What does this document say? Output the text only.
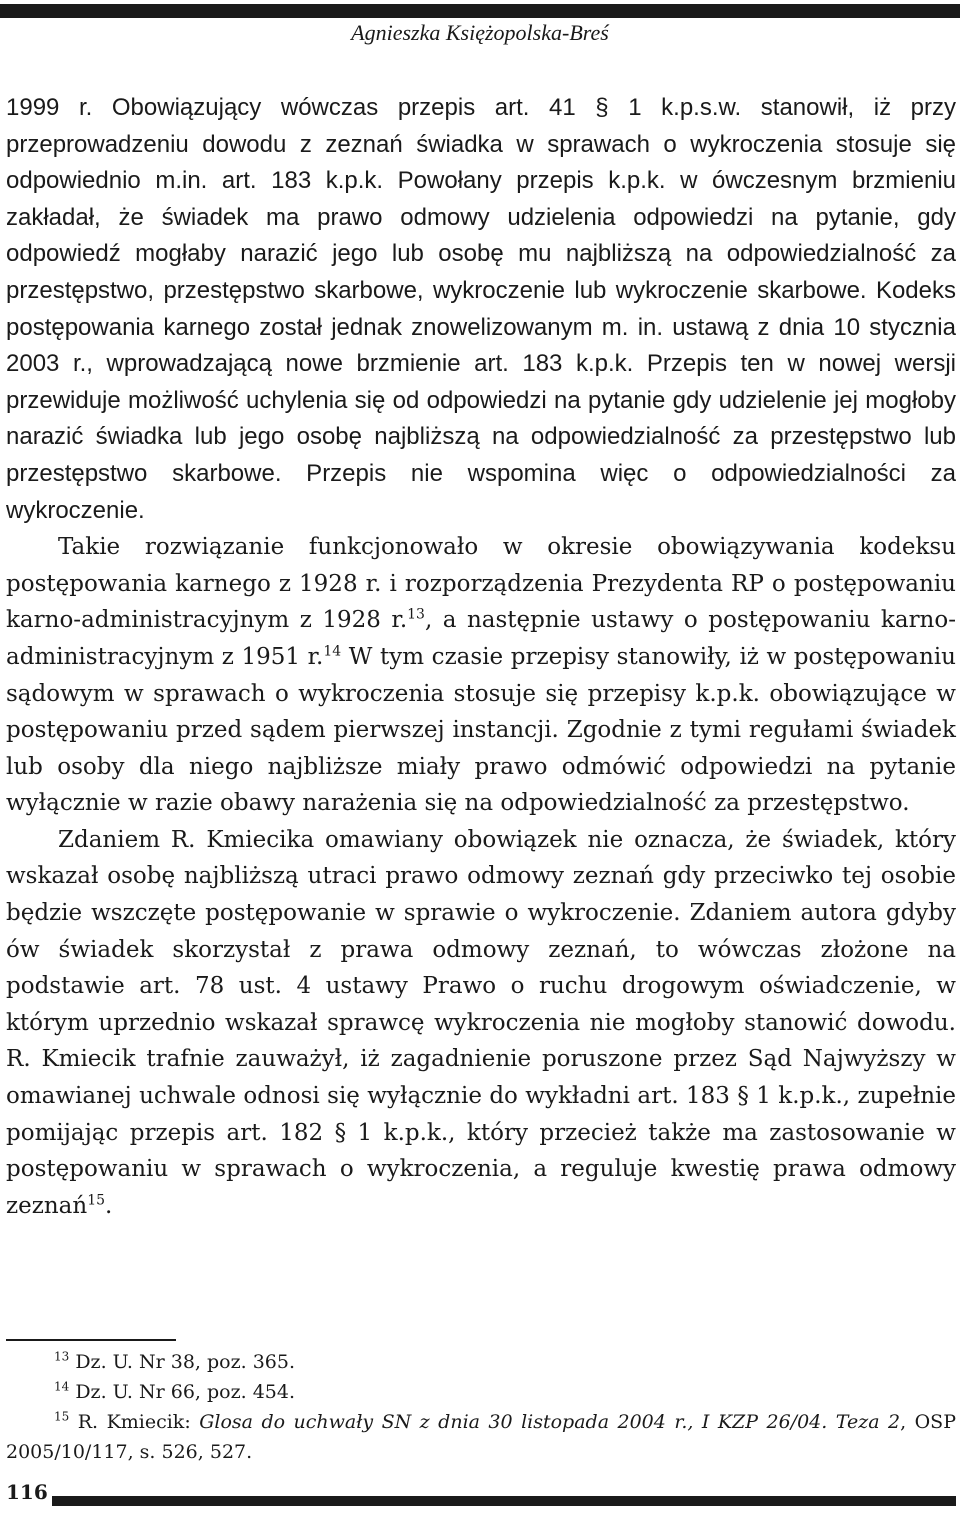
Agnieszka Księżopolska-Breś

1999 r. Obowiązujący wówczas przepis art. 41 § 1 k.p.s.w. stanowił, iż przy przeprowadzeniu dowodu z zeznań świadka w sprawach o wykroczenia stosuje się odpowiednio m.in. art. 183 k.p.k. Powołany przepis k.p.k. w ówczesnym brzmieniu zakładał, że świadek ma prawo odmowy udzielenia odpowiedzi na pytanie, gdy odpowiedź mogłaby narazić jego lub osobę mu najbliższą na odpowiedzialność za przestępstwo, przestępstwo skarbowe, wykroczenie lub wykroczenie skarbowe. Kodeks postępowania karnego został jednak znowelizowanym m. in. ustawą z dnia 10 stycznia 2003 r., wprowadzającą nowe brzmienie art. 183 k.p.k. Przepis ten w nowej wersji przewiduje możliwość uchylenia się od odpowiedzi na pytanie gdy udzielenie jej mogłoby narazić świadka lub jego osobę najbliższą na odpowiedzialność za przestępstwo lub przestępstwo skarbowe. Przepis nie wspomina więc o odpowiedzialności za wykroczenie.

Takie rozwiązanie funkcjonowało w okresie obowiązywania kodeksu postępowania karnego z 1928 r. i rozporządzenia Prezydenta RP o postępowaniu karno-administracyjnym z 1928 r.$^{13}$, a następnie ustawy o postępowaniu karno-administracyjnym z 1951 r.$^{14}$ W tym czasie przepisy stanowiły, iż w postępowaniu sądowym w sprawach o wykroczenia stosuje się przepisy k.p.k. obowiązujące w postępowaniu przed sądem pierwszej instancji. Zgodnie z tymi regułami świadek lub osoby dla niego najbliższe miały prawo odmówić odpowiedzi na pytanie wyłącznie w razie obawy narażenia się na odpowiedzialność za przestępstwo.

Zdaniem R. Kmiecika omawiany obowiązek nie oznacza, że świadek, który wskazał osobę najbliższą utraci prawo odmowy zeznań gdy przeciwko tej osobie będzie wszczęte postępowanie w sprawie o wykroczenie. Zdaniem autora gdyby ów świadek skorzystał z prawa odmowy zeznań, to wówczas złożone na podstawie art. 78 ust. 4 ustawy Prawo o ruchu drogowym oświadczenie, w którym uprzednio wskazał sprawcę wykroczenia nie mogłoby stanowić dowodu. R. Kmiecik trafnie zauważył, iż zagadnienie poruszone przez Sąd Najwyższy w omawianej uchwale odnosi się wyłącznie do wykładni art. 183 § 1 k.p.k., zupełnie pomijając przepis art. 182 § 1 k.p.k., który przecież także ma zastosowanie w postępowaniu w sprawach o wykroczenia, a reguluje kwestię prawa odmowy zeznań$^{15}$.

$^{13}$ Dz. U. Nr 38, poz. 365.

$^{14}$ Dz. U. Nr 66, poz. 454.

$^{15}$ R. Kmiecik: Glosa do uchwały SN z dnia 30 listopada 2004 r., I KZP 26/04. Teza 2, OSP 2005/10/117, s. 526, 527.

116
